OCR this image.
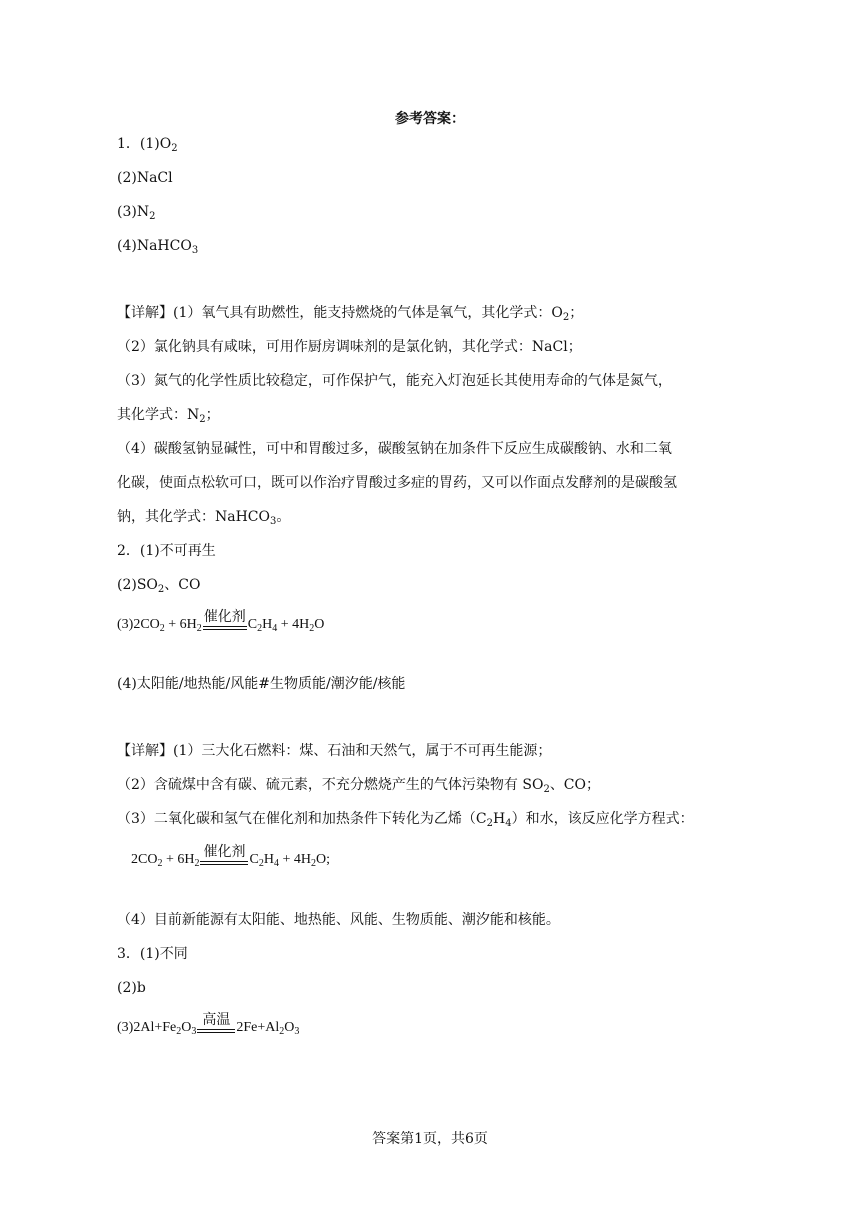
参考答案：
1．$(1)O_2$
(2)NaCl
$(3)N_2$
(4)NaHCO$_3$
【详解】(1）氧气具有助燃性，能支持燃烧的气体是氧气，其化学式：$O_2$；
（2）氯化钠具有咸味，可用作厨房调味剂的是氯化钠，其化学式：NaCl；
（3）氮气的化学性质比较稳定，可作保护气，能充入灯泡延长其使用寿命的气体是氮气，
其化学式：$N_2$；
（4）碳酸氢钠显碱性，可中和胃酸过多，碳酸氢钠在加条件下反应生成碳酸钠、水和二氧
化碳，使面点松软可口，既可以作治疗胃酸过多症的胃药，又可以作面点发酵剂的是碳酸氢
钠，其化学式：NaHCO$_3$。
2．(1)不可再生
$(2)SO_2$、CO
$(3)2CO_2 + 6H_2$
催化剂 $C_2H_4 + 4H_2O$
(4)太阳能/地热能/风能#生物质能/潮汐能/核能
【详解】(1）三大化石燃料：煤、石油和天然气，属于不可再生能源；
（2）含硫煤中含有碳、硫元素，不充分燃烧产生的气体污染物有 $SO_2$、CO；
（3）二氧化碳和氢气在催化剂和加热条件下转化为乙烯$(C_2H_4)$和水，该反应化学方程式：
$2CO_2 + 6H_2$
催化剂 $C_2H_4 + 4H_2O$;
（4）目前新能源有太阳能、地热能、风能、生物质能、潮汐能和核能。
3．(1)不同
(2)b
$(3)2Al+Fe_2O_3$
高温 $2Fe+Al_2O_3$
答案第1页，共6页
